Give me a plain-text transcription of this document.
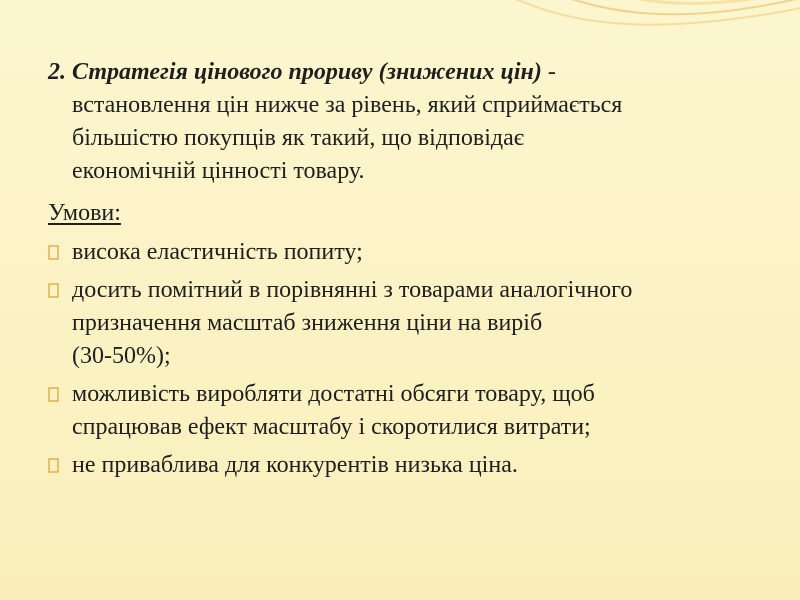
2. Стратегія цінового прориву (знижених цін) -
встановлення цін нижче за рівень, який сприймається
більшістю покупців як такий, що відповідає
економічній цінності товару.
Умови:
висока еластичність попиту;
досить помітний в порівнянні з товарами аналогічного
призначення масштаб зниження ціни на виріб
(30-50%);
можливість виробляти достатні обсяги товару, щоб
спрацював ефект масштабу і скоротилися витрати;
не приваблива для конкурентів низька ціна.
